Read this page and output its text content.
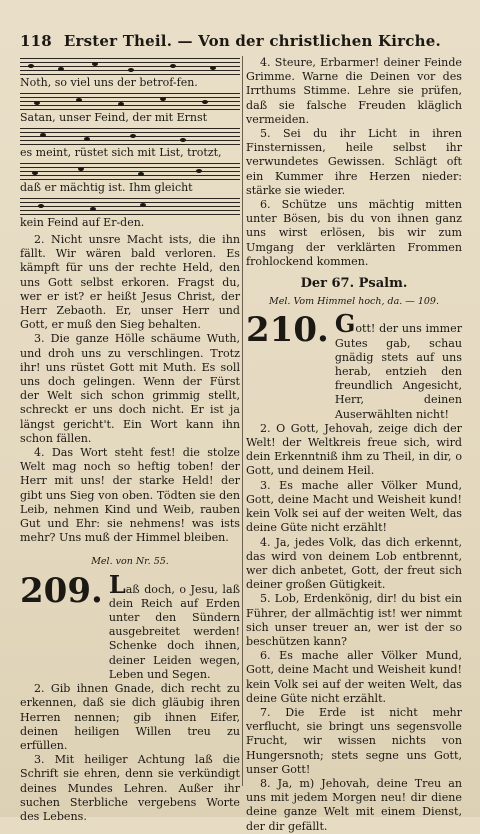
118 Erster Theil. — Von der christlichen Kirche.
Noth, so viel uns der betrof-fen.
Satan, unser Feind, der mit Ernst
es meint, rüstet sich mit List, trotzt,
daß er mächtig ist. Ihm gleicht
kein Feind auf Er-den.

2. Nicht unsre Macht ists, die ihn fällt. Wir wären bald verloren. Es kämpft für uns der rechte Held, den uns Gott selbst erkoren. Fragst du, wer er ist? er heißt Jesus Christ, der Herr Zebaoth. Er, unser Herr und Gott, er muß den Sieg behalten.

3. Die ganze Hölle schäume Wuth, und droh uns zu verschlingen. Trotz ihr! uns rüstet Gott mit Muth. Es soll uns doch gelingen. Wenn der Fürst der Welt sich schon grimmig stellt, schreckt er uns doch nicht. Er ist ja längst gericht't. Ein Wort kann ihn schon fällen.

4. Das Wort steht fest! die stolze Welt mag noch so heftig toben! der Herr mit uns! der starke Held! der gibt uns Sieg von oben. Tödten sie den Leib, nehmen Kind und Weib, rauben Gut und Ehr: sie nehmens! was ists mehr? Uns muß der Himmel bleiben.

Mel. von Nr. 55.
209. Laß doch, o Jesu, laß dein Reich auf Erden unter den Sündern ausgebreitet werden! Schenke doch ihnen, deiner Leiden wegen, Leben und Segen.

2. Gib ihnen Gnade, dich recht zu erkennen, daß sie dich gläubig ihren Herren nennen; gib ihnen Eifer, deinen heiligen Willen treu zu erfüllen.

3. Mit heiliger Achtung laß die Schrift sie ehren, denn sie verkündigt deines Mundes Lehren. Außer ihr suchen Sterbliche vergebens Worte des Lebens.

4. Steure, Erbarmer! deiner Feinde Grimme. Warne die Deinen vor des Irrthums Stimme. Lehre sie prüfen, daß sie falsche Freuden kläglich vermeiden.

5. Sei du ihr Licht in ihren Finsternissen, heile selbst ihr verwundetes Gewissen. Schlägt oft ein Kummer ihre Herzen nieder: stärke sie wieder.

6. Schütze uns mächtig mitten unter Bösen, bis du von ihnen ganz uns wirst erlösen, bis wir zum Umgang der verklärten Frommen frohlockend kommen.

Der 67. Psalm.
Mel. Vom Himmel hoch, da. — 109.
210. Gott! der uns immer Gutes gab, schau gnädig stets auf uns herab, entzieh den freundlich Angesicht, Herr, deinen Auserwählten nicht!

2. O Gott, Jehovah, zeige dich der Welt! der Weltkreis freue sich, wird dein Erkenntniß ihm zu Theil, in dir, o Gott, und deinem Heil.

3. Es mache aller Völker Mund, Gott, deine Macht und Weisheit kund! kein Volk sei auf der weiten Welt, das deine Güte nicht erzählt!

4. Ja, jedes Volk, das dich erkennt, das wird von deinem Lob entbrennt, wer dich anbetet, Gott, der freut sich deiner großen Gütigkeit.

5. Lob, Erdenkönig, dir! du bist ein Führer, der allmächtig ist! wer nimmt sich unser treuer an, wer ist der so beschützen kann?

6. Es mache aller Völker Mund, Gott, deine Macht und Weisheit kund! kein Volk sei auf der weiten Welt, das deine Güte nicht erzählt.

7. Die Erde ist nicht mehr verflucht, sie bringt uns segensvolle Frucht, wir wissen nichts von Hungersnoth; stets segne uns Gott, unser Gott!

8. Ja, m) Jehovah, deine Treu an uns mit jedem Morgen neu! dir diene deine ganze Welt mit einem Dienst, der dir gefällt.
